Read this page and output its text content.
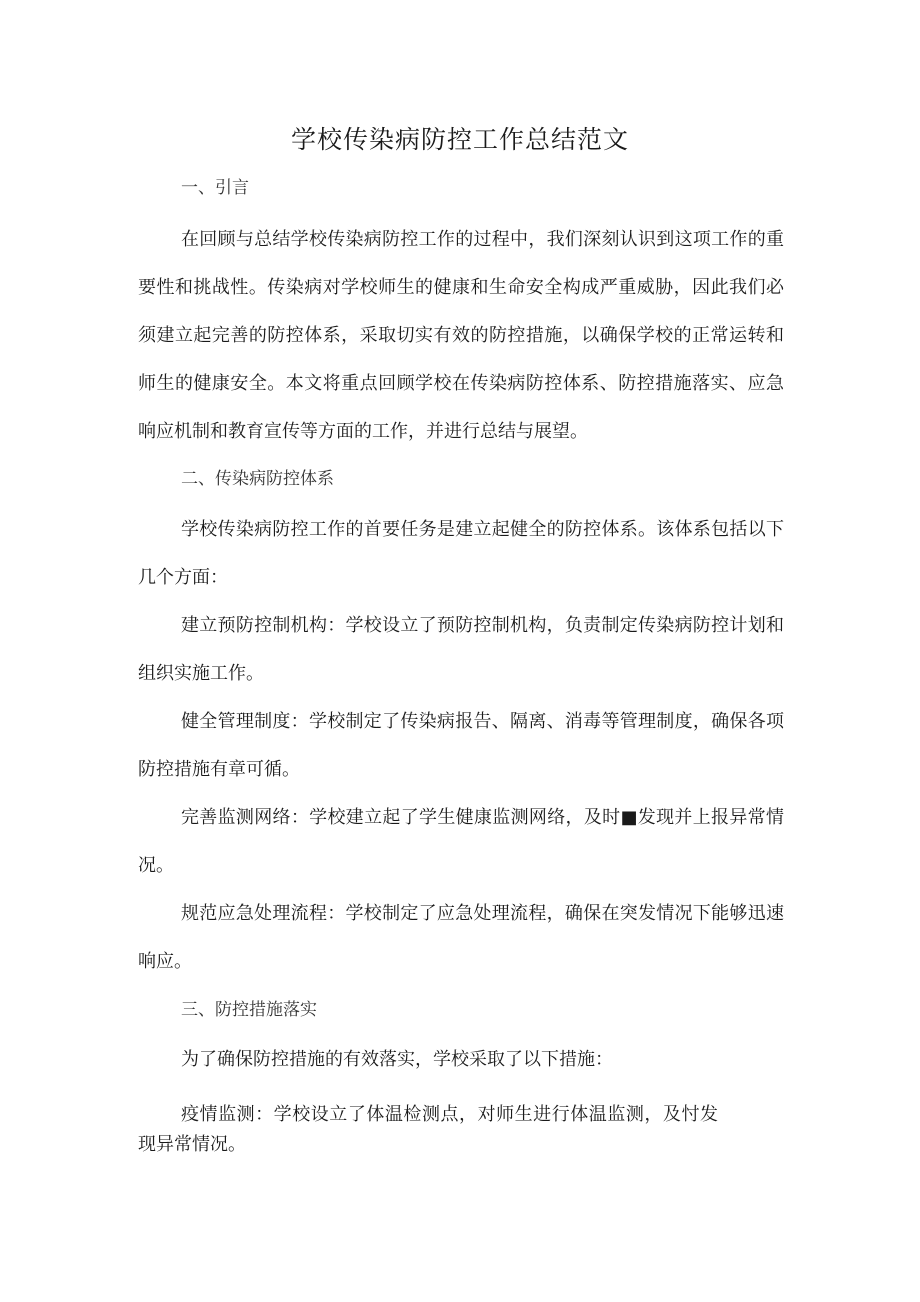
学校传染病防控工作总结范文
一、引言

在回顾与总结学校传染病防控工作的过程中，我们深刻认识到这项工作的重要性和挑战性。传染病对学校师生的健康和生命安全构成严重威胁，因此我们必须建立起完善的防控体系，采取切实有效的防控措施，以确保学校的正常运转和师生的健康安全。本文将重点回顾学校在传染病防控体系、防控措施落实、应急响应机制和教育宣传等方面的工作，并进行总结与展望。

二、传染病防控体系

学校传染病防控工作的首要任务是建立起健全的防控体系。该体系包括以下几个方面：

建立预防控制机构：学校设立了预防控制机构，负责制定传染病防控计划和组织实施工作。

健全管理制度：学校制定了传染病报告、隔离、消毒等管理制度，确保各项防控措施有章可循。

完善监测网络：学校建立起了学生健康监测网络，及时■发现并上报异常情况。

规范应急处理流程：学校制定了应急处理流程，确保在突发情况下能够迅速响应。

三、防控措施落实

为了确保防控措施的有效落实，学校采取了以下措施：

疫情监测：学校设立了体温检测点，对师生进行体温监测，及忖发现异常情况。
